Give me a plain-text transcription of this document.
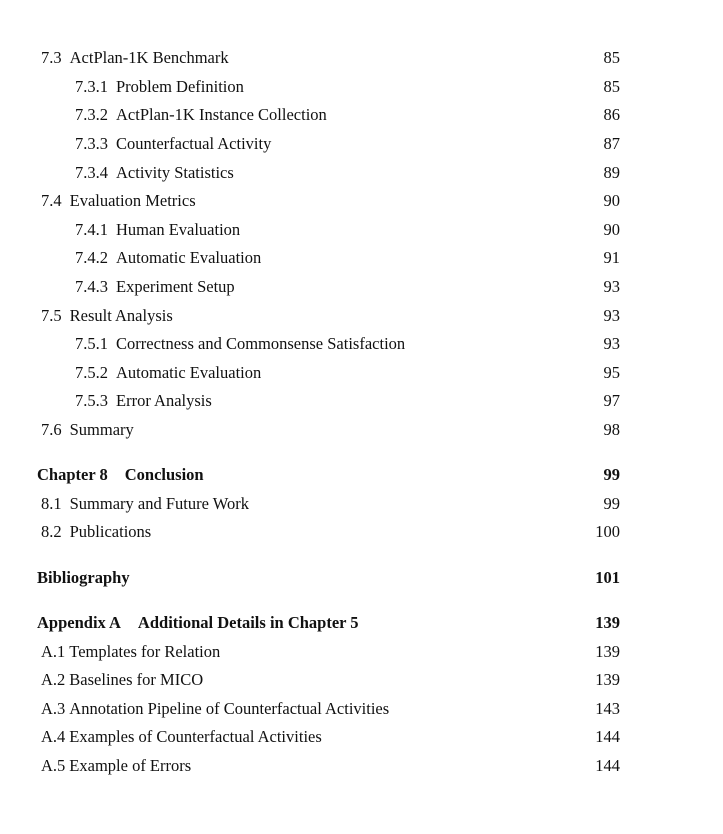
7.3 ActPlan-1K Benchmark	85
7.3.1 Problem Definition	85
7.3.2 ActPlan-1K Instance Collection	86
7.3.3 Counterfactual Activity	87
7.3.4 Activity Statistics	89
7.4 Evaluation Metrics	90
7.4.1 Human Evaluation	90
7.4.2 Automatic Evaluation	91
7.4.3 Experiment Setup	93
7.5 Result Analysis	93
7.5.1 Correctness and Commonsense Satisfaction	93
7.5.2 Automatic Evaluation	95
7.5.3 Error Analysis	97
7.6 Summary	98
Chapter 8 Conclusion	99
8.1 Summary and Future Work	99
8.2 Publications	100
Bibliography	101
Appendix A Additional Details in Chapter 5	139
A.1 Templates for Relation	139
A.2 Baselines for MICO	139
A.3 Annotation Pipeline of Counterfactual Activities	143
A.4 Examples of Counterfactual Activities	144
A.5 Example of Errors	144
